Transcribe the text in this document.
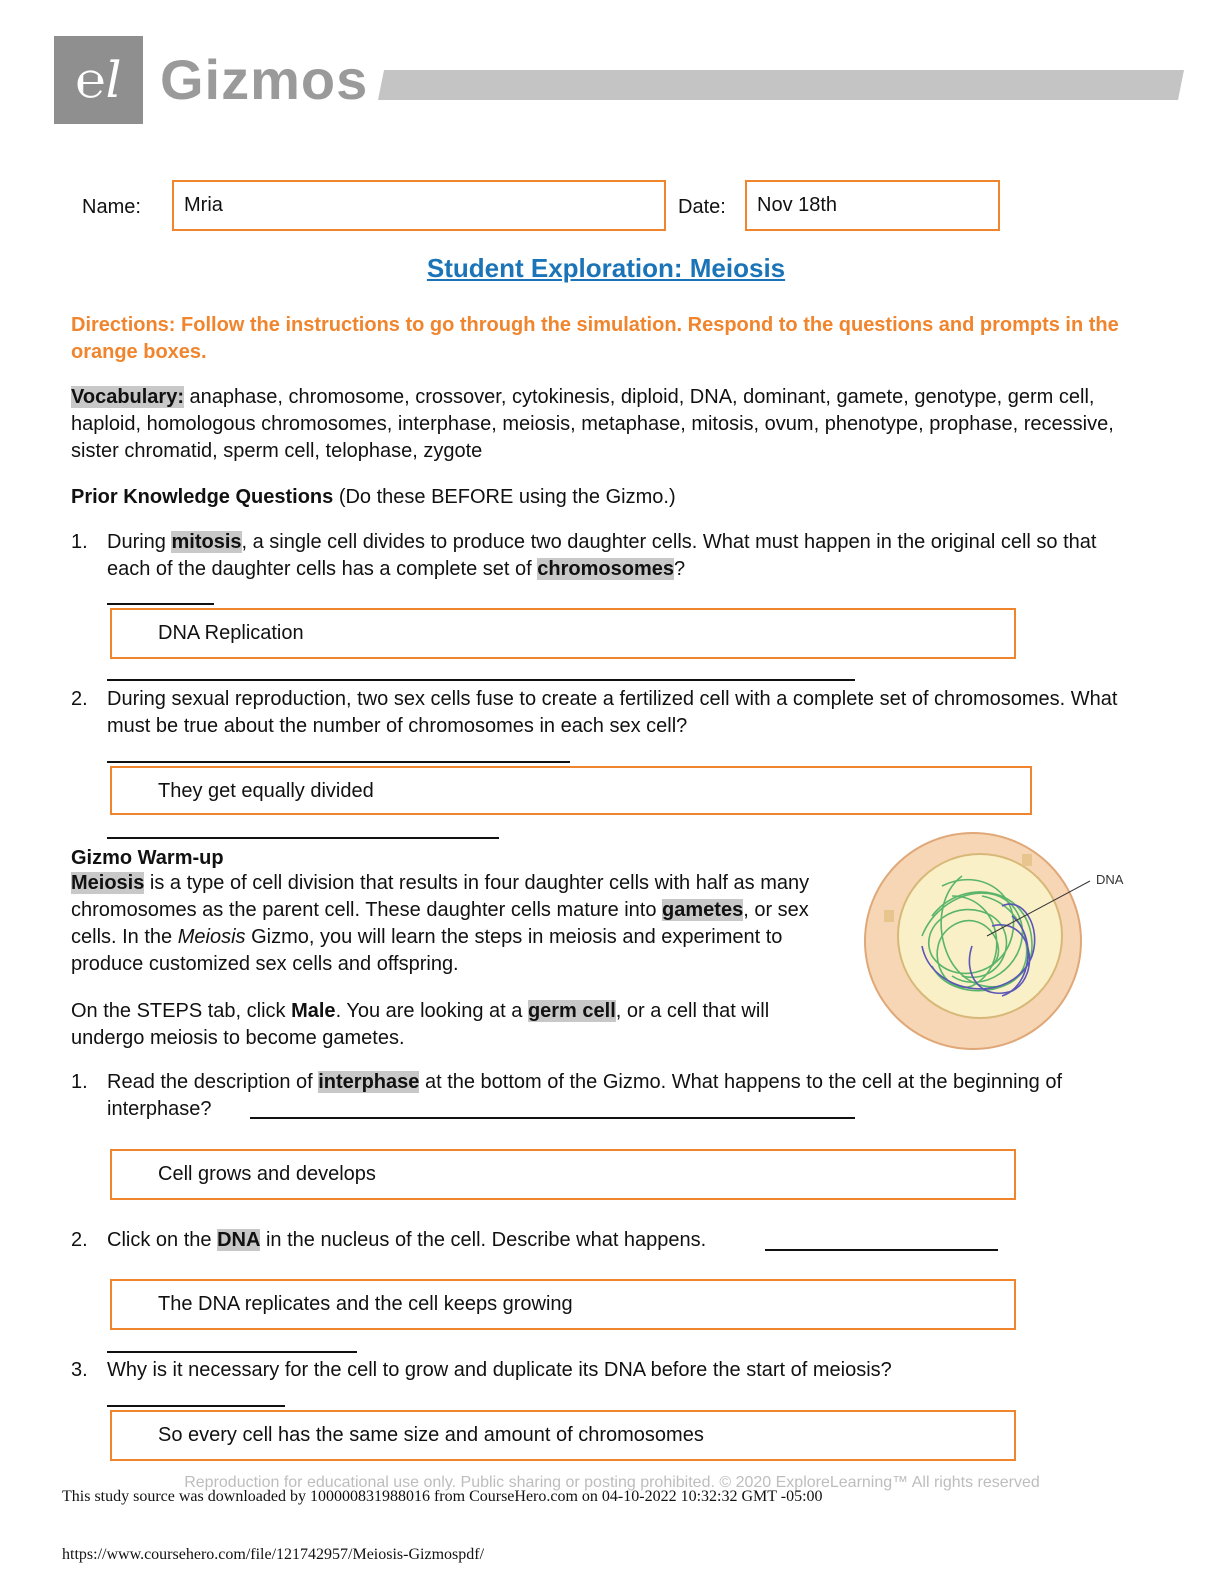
℮l Gizmos
Name:	Mria	Date:	Nov 18th
Student Exploration: Meiosis
Directions: Follow the instructions to go through the simulation. Respond to the questions and prompts in the orange boxes.
Vocabulary: anaphase, chromosome, crossover, cytokinesis, diploid, DNA, dominant, gamete, genotype, germ cell, haploid, homologous chromosomes, interphase, meiosis, metaphase, mitosis, ovum, phenotype, prophase, recessive, sister chromatid, sperm cell, telophase, zygote
Prior Knowledge Questions (Do these BEFORE using the Gizmo.)
1. During mitosis, a single cell divides to produce two daughter cells. What must happen in the original cell so that each of the daughter cells has a complete set of chromosomes?
DNA Replication
2. During sexual reproduction, two sex cells fuse to create a fertilized cell with a complete set of chromosomes. What must be true about the number of chromosomes in each sex cell?
They get equally divided
Gizmo Warm-up
Meiosis is a type of cell division that results in four daughter cells with half as many chromosomes as the parent cell. These daughter cells mature into gametes, or sex cells. In the Meiosis Gizmo, you will learn the steps in meiosis and experiment to produce customized sex cells and offspring.
On the STEPS tab, click Male. You are looking at a germ cell, or a cell that will undergo meiosis to become gametes.
DNA
1. Read the description of interphase at the bottom of the Gizmo. What happens to the cell at the beginning of interphase?
Cell grows and develops
2. Click on the DNA in the nucleus of the cell. Describe what happens.
The DNA replicates and the cell keeps growing
3. Why is it necessary for the cell to grow and duplicate its DNA before the start of meiosis?
So every cell has the same size and amount of chromosomes
Reproduction for educational use only. Public sharing or posting prohibited. © 2020 ExploreLearning™ All rights reserved
This study source was downloaded by 100000831988016 from CourseHero.com on 04-10-2022 10:32:32 GMT -05:00
https://www.coursehero.com/file/121742957/Meiosis-Gizmospdf/
